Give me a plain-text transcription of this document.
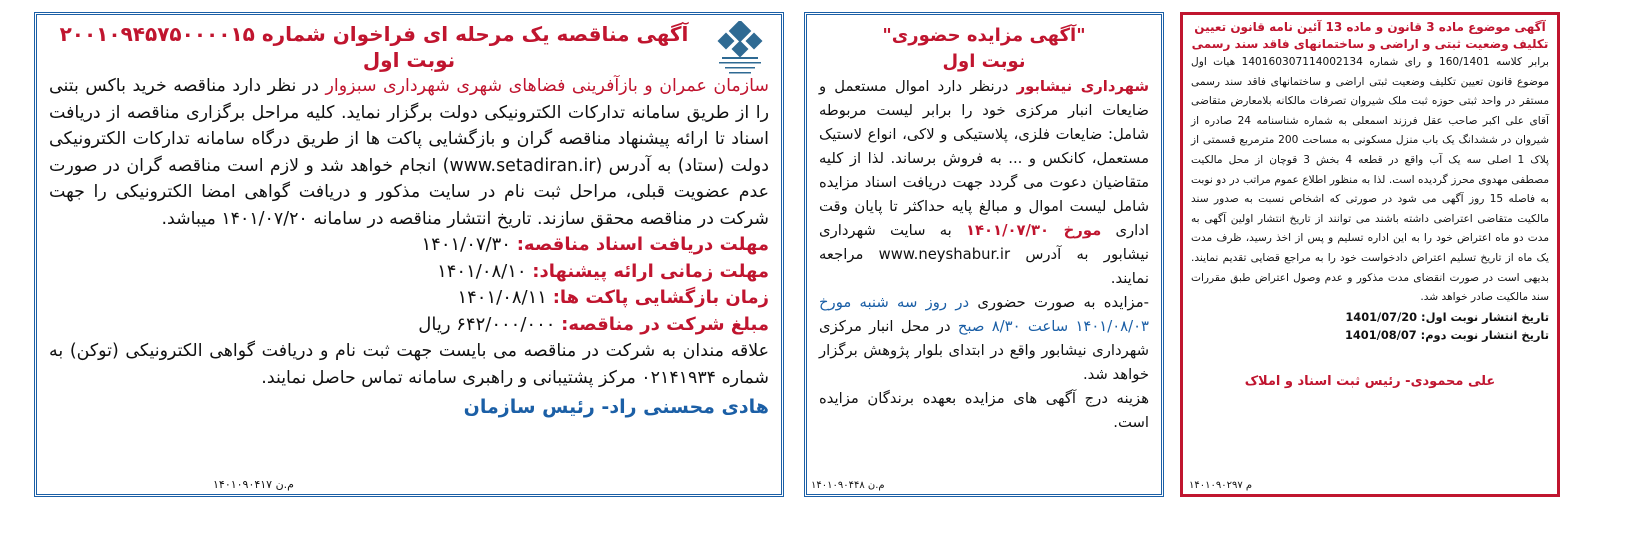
آگهی مناقصه یک مرحله ای فراخوان شماره ۲۰۰۱۰۹۴۵۷۵۰۰۰۰۱۵
نوبت اول

سازمان عمران و بازآفرینی فضاهای شهری شهرداری سبزوار در نظر دارد مناقصه خرید باکس بتنی را از طریق سامانه تدارکات الکترونیکی دولت برگزار نماید. کلیه مراحل برگزاری مناقصه از دریافت اسناد تا ارائه پیشنهاد مناقصه گران و بازگشایی پاکت ها از طریق درگاه سامانه تدارکات الکترونیکی دولت (ستاد) به آدرس (www.setadiran.ir) انجام خواهد شد و لازم است مناقصه گران در صورت عدم عضویت قبلی، مراحل ثبت نام در سایت مذکور و دریافت گواهی امضا الکترونیکی را جهت شرکت در مناقصه محقق سازند. تاریخ انتشار مناقصه در سامانه ۱۴۰۱/۰۷/۲۰ میباشد.

مهلت دریافت اسناد مناقصه: ۱۴۰۱/۰۷/۳۰
مهلت زمانی ارائه پیشنهاد: ۱۴۰۱/۰۸/۱۰
زمان بازگشایی پاکت ها: ۱۴۰۱/۰۸/۱۱
مبلغ شرکت در مناقصه: ۶۴۲/۰۰۰/۰۰۰ ریال

علاقه مندان به شرکت در مناقصه می بایست جهت ثبت نام و دریافت گواهی الکترونیکی (توکن) به شماره ۰۲۱۴۱۹۳۴ مرکز پشتیبانی و راهبری سامانه تماس حاصل نمایند.

هادی محسنی راد- رئیس سازمان
۱۴۰۱۰۹۰۴۱۷ م.ن
"آگهی مزایده حضوری"
نوبت اول

شهرداری نیشابور درنظر دارد اموال مستعمل و ضایعات انبار مرکزی خود را برابر لیست مربوطه شامل: ضایعات فلزی، پلاستیکی و لاکی، انواع لاستیک مستعمل، کانکس و ... به فروش برساند. لذا از کلیه متقاضیان دعوت می گردد جهت دریافت اسناد مزایده شامل لیست اموال و مبالغ پایه حداکثر تا پایان وقت اداری مورخ ۱۴۰۱/۰۷/۳۰ به سایت شهرداری نیشابور به آدرس www.neyshabur.ir مراجعه نمایند.

-مزایده به صورت حضوری در روز سه شنبه مورخ ۱۴۰۱/۰۸/۰۳ ساعت ۸/۳۰ صبح در محل انبار مرکزی شهرداری نیشابور واقع در ابتدای بلوار پژوهش برگزار خواهد شد.

هزینه درج آگهی های مزایده بعهده برندگان مزایده است.

۱۴۰۱۰۹۰۴۴۸ م.ن
آگهی موضوع ماده 3 قانون و ماده 13 آئین نامه قانون تعیین تکلیف وضعیت ثبتی و اراضی و ساختمانهای فاقد سند رسمی

برابر کلاسه 160/1401 و رای شماره 140160307114002134 هیات اول موضوع قانون تعیین تکلیف وضعیت ثبتی اراضی و ساختمانهای فاقد سند رسمی مستقر در واحد ثبتی حوزه ثبت ملک شیروان تصرفات مالکانه بلامعارض متقاضی آقای علی اکبر صاحب عقل فرزند اسمعلی به شماره شناسنامه 24 صادره از شیروان در ششدانگ یک باب منزل مسکونی به مساحت 200 مترمربع قسمتی از پلاک 1 اصلی سه یک آب واقع در قطعه 4 بخش 3 قوچان از محل مالکیت مصطفی مهدوی محرز گردیده است. لذا به منظور اطلاع عموم مراتب در دو نوبت به فاصله 15 روز آگهی می شود در صورتی که اشخاص نسبت به صدور سند مالکیت متقاضی اعتراضی داشته باشند می توانند از تاریخ انتشار اولین آگهی به مدت دو ماه اعتراض خود را به این اداره تسلیم و پس از اخذ رسید، ظرف مدت یک ماه از تاریخ تسلیم اعتراض دادخواست خود را به مراجع قضایی تقدیم نمایند. بدیهی است در صورت انقضای مدت مذکور و عدم وصول اعتراض طبق مقررات سند مالکیت صادر خواهد شد.

تاریخ انتشار نوبت اول: 1401/07/20
تاریخ انتشار نوبت دوم: 1401/08/07
علی محمودی- رئیس ثبت اسناد و املاک
۱۴۰۱۰۹۰۲۹۷ م
